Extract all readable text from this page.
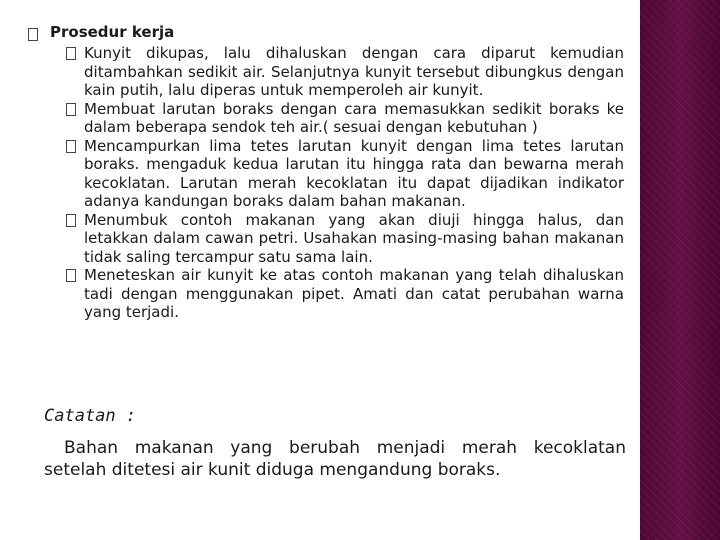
Prosedur kerja
Kunyit dikupas, lalu dihaluskan dengan cara diparut kemudian ditambahkan sedikit air. Selanjutnya kunyit tersebut dibungkus dengan kain putih, lalu diperas untuk memperoleh air kunyit.
Membuat larutan boraks dengan cara memasukkan sedikit boraks ke dalam beberapa sendok teh air.( sesuai dengan kebutuhan )
Mencampurkan lima tetes larutan kunyit dengan lima tetes larutan boraks. mengaduk kedua larutan itu hingga rata dan bewarna merah kecoklatan. Larutan merah kecoklatan itu dapat dijadikan indikator adanya kandungan boraks dalam bahan makanan.
Menumbuk contoh makanan yang akan diuji hingga halus, dan letakkan dalam cawan petri. Usahakan masing-masing bahan makanan tidak saling tercampur satu sama lain.
Meneteskan air kunyit ke atas contoh makanan yang telah dihaluskan tadi dengan menggunakan pipet. Amati dan catat perubahan warna yang terjadi.

Catatan :

Bahan makanan yang berubah menjadi merah kecoklatan setelah ditetesi air kunit diduga mengandung boraks.
